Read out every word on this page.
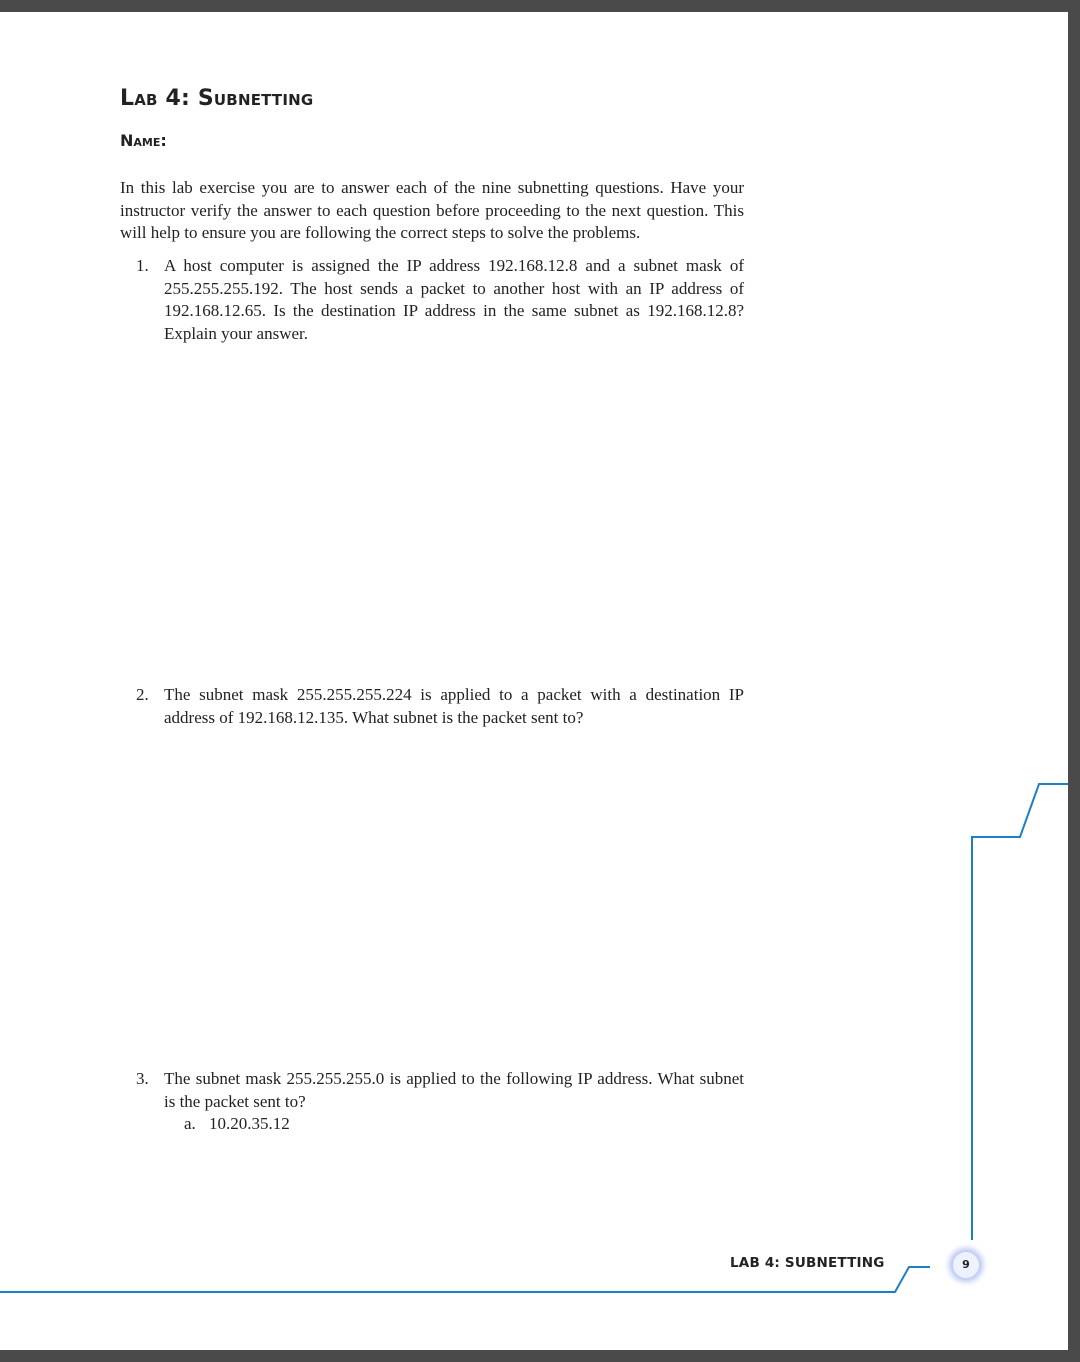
Lab 4: Subnetting
Name:

In this lab exercise you are to answer each of the nine subnetting questions. Have your instructor verify the answer to each question before proceeding to the next question. This will help to ensure you are following the correct steps to solve the problems.

1. A host computer is assigned the IP address 192.168.12.8 and a subnet mask of 255.255.255.192. The host sends a packet to another host with an IP address of 192.168.12.65. Is the destination IP address in the same subnet as 192.168.12.8? Explain your answer.
2. The subnet mask 255.255.255.224 is applied to a packet with a destination IP address of 192.168.12.135. What subnet is the packet sent to?
3. The subnet mask 255.255.255.0 is applied to the following IP address. What subnet is the packet sent to?
a. 10.20.35.12
LAB 4: SUBNETTING	9
